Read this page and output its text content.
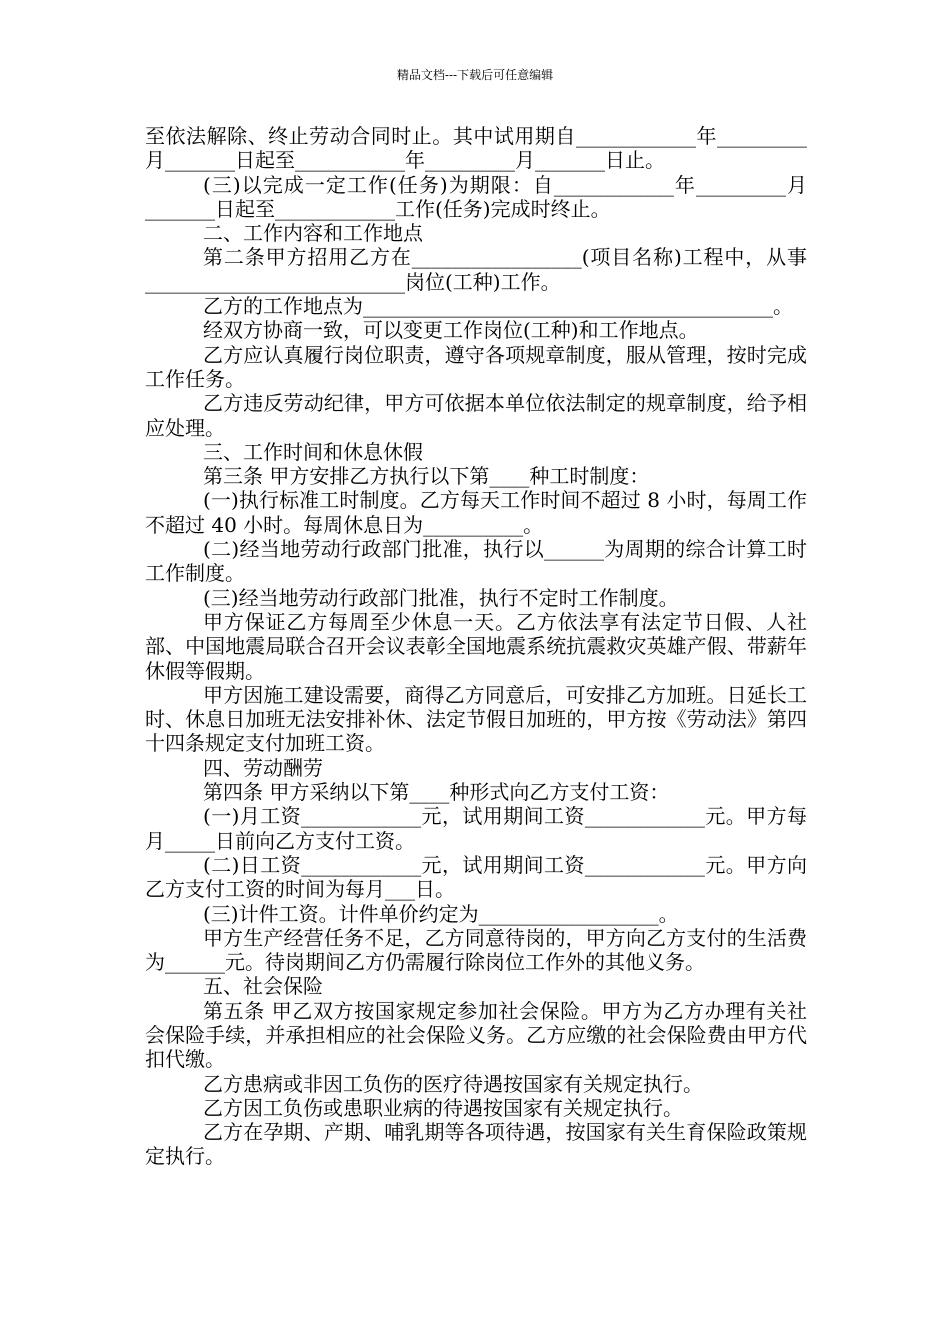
精品文档---下载后可任意编辑

至依法解除、终止劳动合同时止。其中试用期自____________年_________月_______日起至___________年_________月_______日止。

(三)以完成一定工作(任务)为期限：自____________年_________月_______日起至____________工作(任务)完成时终止。

二、工作内容和工作地点

第二条甲方招用乙方在_________________(项目名称)工程中，从事__________________________岗位(工种)工作。

乙方的工作地点为_________________________________________。

经双方协商一致，可以变更工作岗位(工种)和工作地点。

乙方应认真履行岗位职责，遵守各项规章制度，服从管理，按时完成工作任务。

乙方违反劳动纪律，甲方可依据本单位依法制定的规章制度，给予相应处理。

三、工作时间和休息休假

第三条 甲方安排乙方执行以下第____种工时制度：

(一)执行标准工时制度。乙方每天工作时间不超过 8 小时，每周工作不超过 40 小时。每周休息日为__________。

(二)经当地劳动行政部门批准，执行以______为周期的综合计算工时工作制度。

(三)经当地劳动行政部门批准，执行不定时工作制度。

甲方保证乙方每周至少休息一天。乙方依法享有法定节日假、人社部、中国地震局联合召开会议表彰全国地震系统抗震救灾英雄产假、带薪年休假等假期。

甲方因施工建设需要，商得乙方同意后，可安排乙方加班。日延长工时、休息日加班无法安排补休、法定节假日加班的，甲方按《劳动法》第四十四条规定支付加班工资。

四、劳动酬劳

第四条 甲方采纳以下第____种形式向乙方支付工资：

(一)月工资____________元，试用期间工资____________元。甲方每月_____日前向乙方支付工资。

(二)日工资____________元，试用期间工资____________元。甲方向乙方支付工资的时间为每月___日。

(三)计件工资。计件单价约定为__________________。

甲方生产经营任务不足，乙方同意待岗的，甲方向乙方支付的生活费为______元。待岗期间乙方仍需履行除岗位工作外的其他义务。

五、社会保险

第五条 甲乙双方按国家规定参加社会保险。甲方为乙方办理有关社会保险手续，并承担相应的社会保险义务。乙方应缴的社会保险费由甲方代扣代缴。

乙方患病或非因工负伤的医疗待遇按国家有关规定执行。

乙方因工负伤或患职业病的待遇按国家有关规定执行。

乙方在孕期、产期、哺乳期等各项待遇，按国家有关生育保险政策规定执行。
